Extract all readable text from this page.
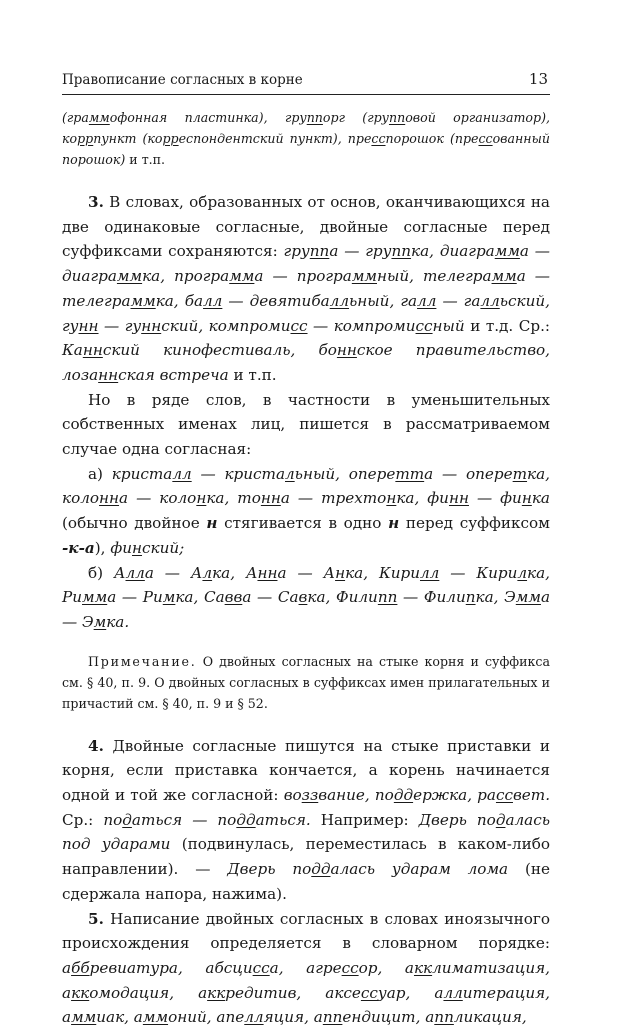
Правописание согласных в корне	13

(граммофонная пластинка), группорг (групповой организатор), коррпункт (корреспондентский пункт), пресспорошок (прессованный порошок) и т.п.

3. В словах, образованных от основ, оканчивающихся на две одинаковые согласные, двойные согласные перед суффиксами сохраняются: группа — группка, диаграмма — диаграммка, программа — программный, телеграмма — телеграммка, балл — девятибалльный, галл — галльский, гунн — гуннский, компромисс — компромиссный и т.д. Ср.: Каннский кинофестиваль, боннское правительство, лозаннская встреча и т.п.

Но в ряде слов, в частности в уменьшительных собственных именах лиц, пишется в рассматриваемом случае одна согласная:

а) кристалл — кристальный, оперетта — оперетка, колонна — колонка, тонна — трехтонка, финн — финка (обычно двойное н стягивается в одно н перед суффиксом -к-а), финский;

б) Алла — Алка, Анна — Анка, Кирилл — Кирилка, Римма — Римка, Савва — Савка, Филипп — Филипка, Эмма — Эмка.

Примечание. О двойных согласных на стыке корня и суффикса см. § 40, п. 9. О двойных согласных в суффиксах имен прилагательных и причастий см. § 40, п. 9 и § 52.

4. Двойные согласные пишутся на стыке приставки и корня, если приставка кончается, а корень начинается одной и той же согласной: воззвание, поддержка, рассвет. Ср.: податься — поддаться. Например: Дверь подалась под ударами (подвинулась, переместилась в каком-либо направлении). — Дверь поддалась ударам лома (не сдержала напора, нажима).

5. Написание двойных согласных в словах иноязычного происхождения определяется в словарном порядке: аббревиатура, абсцисса, агрессор, акклиматизация, аккомодация, аккредитив, аксессуар, аллитерация, аммиак, аммоний, апелляция, аппендицит, аппликация,
